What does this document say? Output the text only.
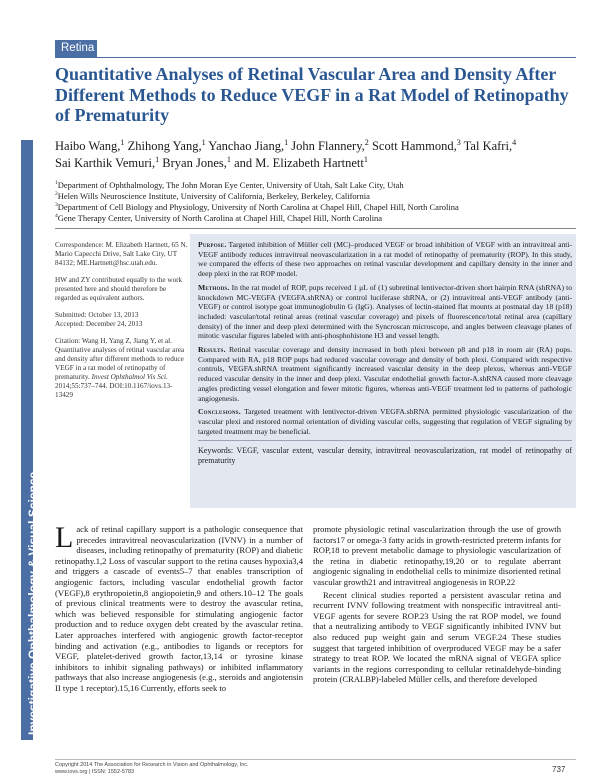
Retina
Investigative Ophthalmology & Visual Science
Quantitative Analyses of Retinal Vascular Area and Density After Different Methods to Reduce VEGF in a Rat Model of Retinopathy of Prematurity
Haibo Wang,$^1$ Zhihong Yang,$^1$ Yanchao Jiang,$^1$ John Flannery,$^2$ Scott Hammond,$^3$ Tal Kafri,$^4$
Sai Karthik Vemuri,$^1$ Bryan Jones,$^1$ and M. Elizabeth Hartnett$^1$
$^1$Department of Ophthalmology, The John Moran Eye Center, University of Utah, Salt Lake City, Utah
$^2$Helen Wills Neuroscience Institute, University of California, Berkeley, Berkeley, California
$^3$Department of Cell Biology and Physiology, University of North Carolina at Chapel Hill, Chapel Hill, North Carolina
$^4$Gene Therapy Center, University of North Carolina at Chapel Hill, Chapel Hill, North Carolina

Correspondence: M. Elizabeth Hartnett, 65 N. Mario Capecchi Drive, Salt Lake City, UT 84132; ME.Hartnett@hsc.utah.edu.

HW and ZY contributed equally to the work presented here and should therefore be regarded as equivalent authors.

Submitted: October 13, 2013
Accepted: December 24, 2013

Citation: Wang H, Yang Z, Jiang Y, et al. Quantitative analyses of retinal vascular area and density after different methods to reduce VEGF in a rat model of retinopathy of prematurity. Invest Ophthalmol Vis Sci. 2014;55:737–744. DOI:10.1167/iovs.13-13429

Purpose. Targeted inhibition of Müller cell (MC)–produced VEGF or broad inhibition of VEGF with an intravitreal anti-VEGF antibody reduces intravitreal neovascularization in a rat model of retinopathy of prematurity (ROP). In this study, we compared the effects of these two approaches on retinal vascular development and capillary density in the inner and deep plexi in the rat ROP model.

Methods. In the rat model of ROP, pups received 1 μL of (1) subretinal lentivector-driven short hairpin RNA (shRNA) to knockdown MC-VEGFA (VEGFA.shRNA) or control luciferase shRNA, or (2) intravitreal anti-VEGF antibody (anti-VEGF) or control isotype goat immunoglobulin G (IgG). Analyses of lectin-stained flat mounts at postnatal day 18 (p18) included: vascular/total retinal areas (retinal vascular coverage) and pixels of fluorescence/total retinal area (capillary density) of the inner and deep plexi determined with the Syncroscan microscope, and angles between cleavage planes of mitotic vascular figures labeled with anti-phosphohistone H3 and vessel length.

Results. Retinal vascular coverage and density increased in both plexi between p8 and p18 in room air (RA) pups. Compared with RA, p18 ROP pups had reduced vascular coverage and density of both plexi. Compared with respective controls, VEGFA.shRNA treatment significantly increased vascular density in the deep plexus, whereas anti-VEGF reduced vascular density in the inner and deep plexi. Vascular endothelial growth factor-A.shRNA caused more cleavage angles predicting vessel elongation and fewer mitotic figures, whereas anti-VEGF treatment led to patterns of pathologic angiogenesis.

Conclusions. Targeted treatment with lentivector-driven VEGFA.shRNA permitted physiologic vascularization of the vascular plexi and restored normal orientation of dividing vascular cells, suggesting that regulation of VEGF signaling by targeted treatment may be beneficial.

Keywords: VEGF, vascular extent, vascular density, intravitreal neovascularization, rat model of retinopathy of prematurity

Lack of retinal capillary support is a pathologic consequence that precedes intravitreal neovascularization (IVNV) in a number of diseases, including retinopathy of prematurity (ROP) and diabetic retinopathy.1,2 Loss of vascular support to the retina causes hypoxia3,4 and triggers a cascade of events5–7 that enables transcription of angiogenic factors, including vascular endothelial growth factor (VEGF),8 erythropoietin,8 angiopoietin,9 and others.10–12 The goals of previous clinical treatments were to destroy the avascular retina, which was believed responsible for stimulating angiogenic factor production and to reduce oxygen debt created by the avascular retina. Later approaches interfered with angiogenic growth factor-receptor binding and activation (e.g., antibodies to ligands or receptors for VEGF, platelet-derived growth factor,13,14 or tyrosine kinase inhibitors to inhibit signaling pathways) or inhibited inflammatory pathways that also increase angiogenesis (e.g., steroids and angiotensin II type 1 receptor).15,16 Currently, efforts seek to

promote physiologic retinal vascularization through the use of growth factors17 or omega-3 fatty acids in growth-restricted preterm infants for ROP,18 to prevent metabolic damage to physiologic vascularization of the retina in diabetic retinopathy,19,20 or to regulate aberrant angiogenic signaling in endothelial cells to minimize disoriented retinal vascular growth21 and intravitreal angiogenesis in ROP.22

Recent clinical studies reported a persistent avascular retina and recurrent IVNV following treatment with nonspecific intravitreal anti-VEGF agents for severe ROP.23 Using the rat ROP model, we found that a neutralizing antibody to VEGF significantly inhibited IVNV but also reduced pup weight gain and serum VEGF.24 These studies suggest that targeted inhibition of overproduced VEGF may be a safer strategy to treat ROP. We located the mRNA signal of VEGFA splice variants in the regions corresponding to cellular retinaldehyde-binding protein (CRALBP)-labeled Müller cells, and therefore developed

Copyright 2014 The Association for Research in Vision and Ophthalmology, Inc.
www.iovs.org | ISSN: 1552-5783	737
